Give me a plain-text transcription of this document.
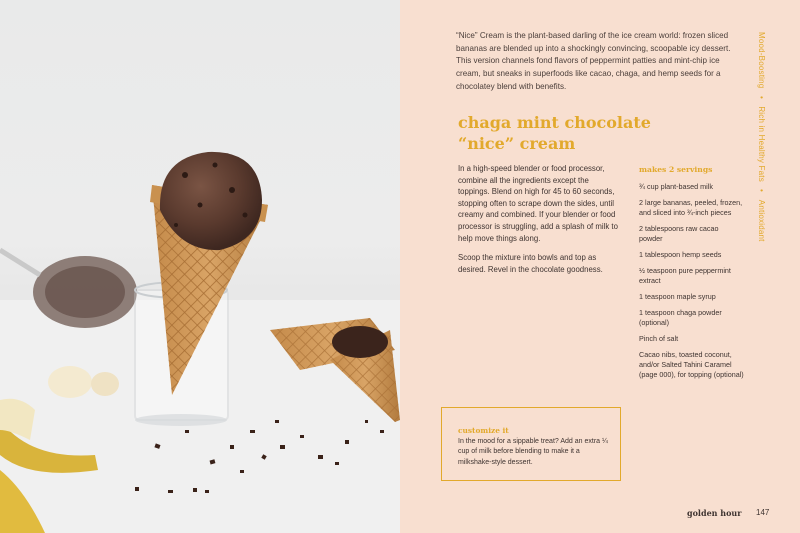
“Nice” Cream is the plant-based darling of the ice cream world: frozen sliced bananas are blended up into a shockingly convincing, scoopable icy dessert. This version channels fond flavors of peppermint patties and mint-chip ice cream, but sneaks in superfoods like cacao, chaga, and hemp seeds for a chocolatey blend with benefits.

chaga mint chocolate
“nice” cream

In a high-speed blender or food processor, combine all the ingredients except the toppings. Blend on high for 45 to 60 seconds, stopping often to scrape down the sides, until creamy and combined. If your blender or food processor is struggling, add a splash of milk to help move things along.

Scoop the mixture into bowls and top as desired. Revel in the chocolate goodness.

makes 2 servings

¾ cup plant-based milk
2 large bananas, peeled, frozen, and sliced into ¾-inch pieces
2 tablespoons raw cacao powder
1 tablespoon hemp seeds
½ teaspoon pure peppermint extract
1 teaspoon maple syrup
1 teaspoon chaga powder (optional)
Pinch of salt
Cacao nibs, toasted coconut, and/or Salted Tahini Caramel (page 000), for topping (optional)
Mood-Boosting • Rich in Healthy Fats • Antioxidant

customize it

In the mood for a sippable treat? Add an extra ¼ cup of milk before blending to make it a milkshake-style dessert.

golden hour 147
